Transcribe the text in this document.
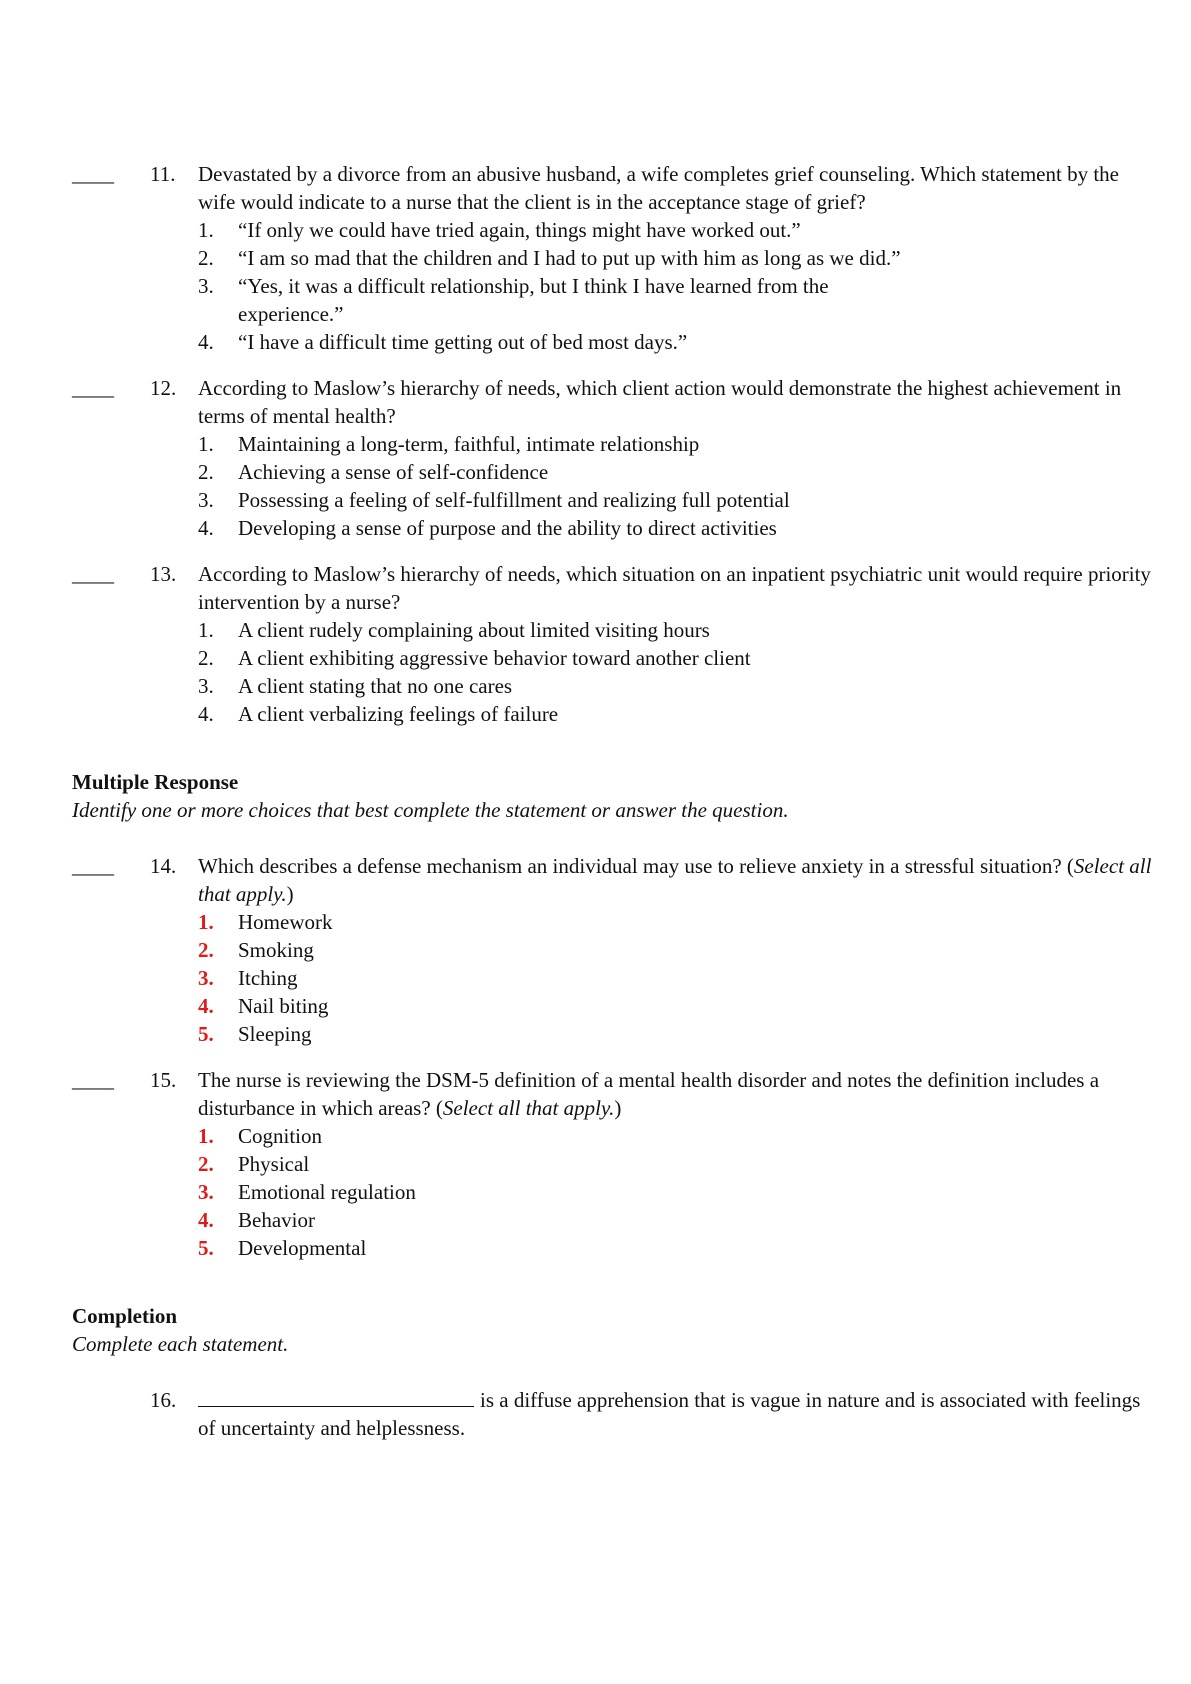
____ 11. Devastated by a divorce from an abusive husband, a wife completes grief counseling. Which statement by the wife would indicate to a nurse that the client is in the acceptance stage of grief?
1. “If only we could have tried again, things might have worked out.”
2. “I am so mad that the children and I had to put up with him as long as we did.”
3. “Yes, it was a difficult relationship, but I think I have learned from the experience.”
4. “I have a difficult time getting out of bed most days.”
____ 12. According to Maslow’s hierarchy of needs, which client action would demonstrate the highest achievement in terms of mental health?
1. Maintaining a long-term, faithful, intimate relationship
2. Achieving a sense of self-confidence
3. Possessing a feeling of self-fulfillment and realizing full potential
4. Developing a sense of purpose and the ability to direct activities
____ 13. According to Maslow’s hierarchy of needs, which situation on an inpatient psychiatric unit would require priority intervention by a nurse?
1. A client rudely complaining about limited visiting hours
2. A client exhibiting aggressive behavior toward another client
3. A client stating that no one cares
4. A client verbalizing feelings of failure
Multiple Response
Identify one or more choices that best complete the statement or answer the question.
____ 14. Which describes a defense mechanism an individual may use to relieve anxiety in a stressful situation? (Select all that apply.)
1. Homework
2. Smoking
3. Itching
4. Nail biting
5. Sleeping
____ 15. The nurse is reviewing the DSM-5 definition of a mental health disorder and notes the definition includes a disturbance in which areas? (Select all that apply.)
1. Cognition
2. Physical
3. Emotional regulation
4. Behavior
5. Developmental
Completion
Complete each statement.
16.	is a diffuse apprehension that is vague in nature and is associated with feelings of uncertainty and helplessness.
